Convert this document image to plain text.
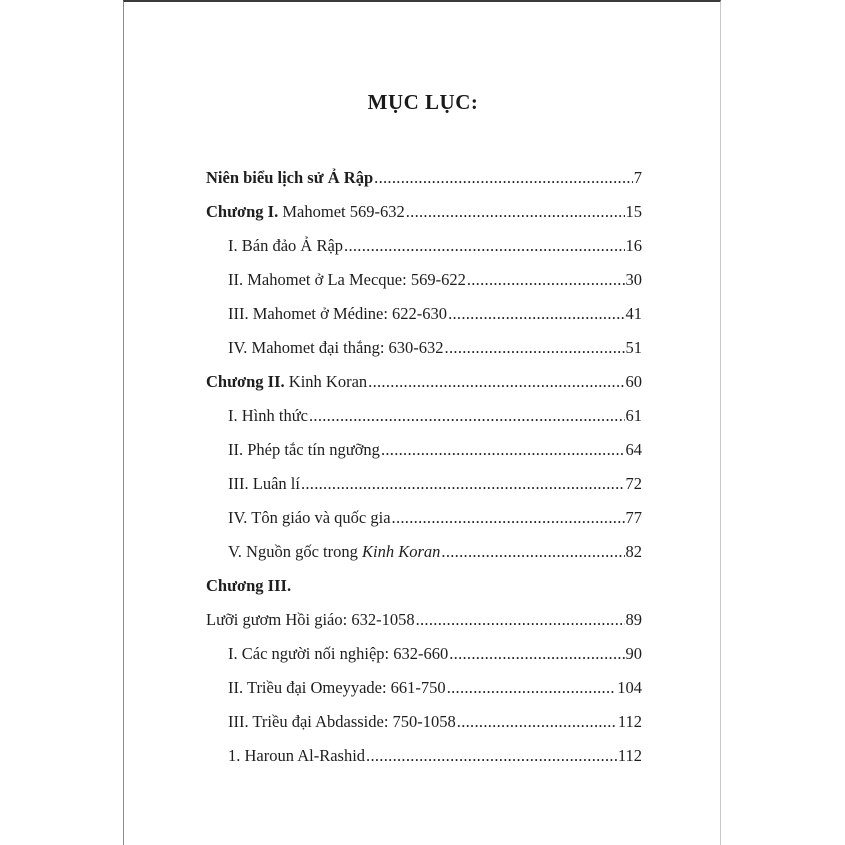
MỤC LỤC:
Niên biểu lịch sử Ả Rập .....	7
Chương I. Mahomet 569-632 .....	15
I. Bán đảo Ả Rập .....	16
II. Mahomet ở La Mecque: 569-622 .....	30
III. Mahomet ở Médine: 622-630 .....	41
IV. Mahomet đại thắng: 630-632 .....	51
Chương II. Kinh Koran .....	60
I. Hình thức .....	61
II. Phép tắc tín ngưỡng .....	64
III. Luân lí .....	72
IV. Tôn giáo và quốc gia .....	77
V. Nguồn gốc trong Kinh Koran .....	82
Chương III.
Lưỡi gươm Hồi giáo: 632-1058 .....	89
I. Các người nối nghiệp: 632-660 .....	90
II. Triều đại Omeyyade: 661-750 .....	104
III. Triều đại Abdasside: 750-1058 .....	112
1. Haroun Al-Rashid .....	112
